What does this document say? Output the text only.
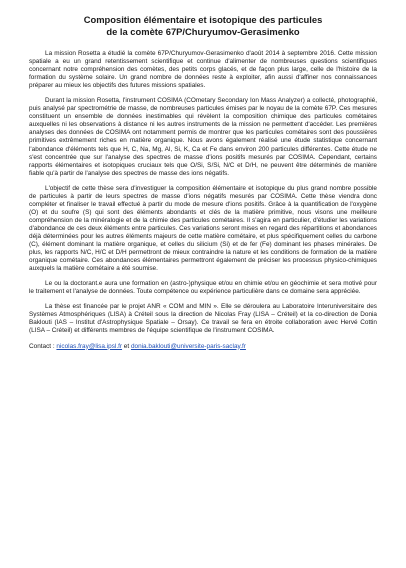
Composition élémentaire et isotopique des particules
de la comète 67P/Churyumov-Gerasimenko

La mission Rosetta a étudié la comète 67P/Churyumov-Gerasimenko d'août 2014 à septembre 2016. Cette mission spatiale a eu un grand retentissement scientifique et continue d'alimenter de nombreuses questions scientifiques concernant notre compréhension des comètes, des petits corps glacés, et de façon plus large, celle de l'histoire de la formation du système solaire. Un grand nombre de données reste à exploiter, afin aussi d'affiner nos connaissances préparer au mieux les objectifs des futures missions spatiales.

Durant la mission Rosetta, l'instrument COSIMA (COmetary Secondary Ion Mass Analyzer) a collecté, photographié, puis analysé par spectrométrie de masse, de nombreuses particules émises par le noyau de la comète 67P. Ces mesures constituent un ensemble de données inestimables qui révèlent la composition chimique des particules cométaires auxquelles ni les observations à distance ni les autres instruments de la mission ne permettent d'accéder. Les premières analyses des données de COSIMA ont notamment permis de montrer que les particules cométaires sont des poussières primitives extrêmement riches en matière organique. Nous avons également réalisé une étude statistique concernant l'abondance d'éléments tels que H, C, Na, Mg, Al, Si, K, Ca et Fe dans environ 200 particules différentes. Cette étude ne s'est concentrée que sur l'analyse des spectres de masse d'ions positifs mesurés par COSIMA. Cependant, certains rapports élémentaires et isotopiques cruciaux tels que O/Si, S/Si, N/C et D/H, ne peuvent être déterminés de manière fiable qu'à partir de l'analyse des spectres de masse des ions négatifs.

L'objectif de cette thèse sera d'investiguer la composition élémentaire et isotopique du plus grand nombre possible de particules à partir de leurs spectres de masse d'ions négatifs mesurés par COSIMA. Cette thèse viendra donc compléter et finaliser le travail effectué à partir du mode de mesure d'ions positifs. Grâce à la quantification de l'oxygène (O) et du soufre (S) qui sont des éléments abondants et clés de la matière primitive, nous visons une meilleure compréhension de la minéralogie et de la chimie des particules cométaires. Il s'agira en particulier, d'étudier les variations d'abondance de ces deux éléments entre particules. Ces variations seront mises en regard des répartitions et abondances déjà déterminées pour les autres éléments majeurs de cette matière cométaire, et plus spécifiquement celles du carbone (C), élément dominant la matière organique, et celles du silicium (Si) et de fer (Fe) dominant les phases minérales. De plus, les rapports N/C, H/C et D/H permettront de mieux contraindre la nature et les conditions de formation de la matière organique cométaire. Ces abondances élémentaires permettront également de préciser les processus physico-chimiques auxquels la matière cométaire a été soumise.

Le ou la doctorant.e aura une formation en (astro-)physique et/ou en chimie et/ou en géochimie et sera motivé pour le traitement et l'analyse de données. Toute compétence ou expérience particulière dans ce domaine sera appréciée.

La thèse est financée par le projet ANR « COM and MIN ». Elle se déroulera au Laboratoire Interuniversitaire des Systèmes Atmosphériques (LISA) à Créteil sous la direction de Nicolas Fray (LISA – Créteil) et la co-direction de Donia Baklouti (IAS – Institut d'Astrophysique Spatiale – Orsay). Ce travail se fera en étroite collaboration avec Hervé Cottin (LISA – Créteil) et différents membres de l'équipe scientifique de l'instrument COSIMA.

Contact : nicolas.fray@lisa.ipsl.fr et donia.baklouti@universite-paris-saclay.fr
